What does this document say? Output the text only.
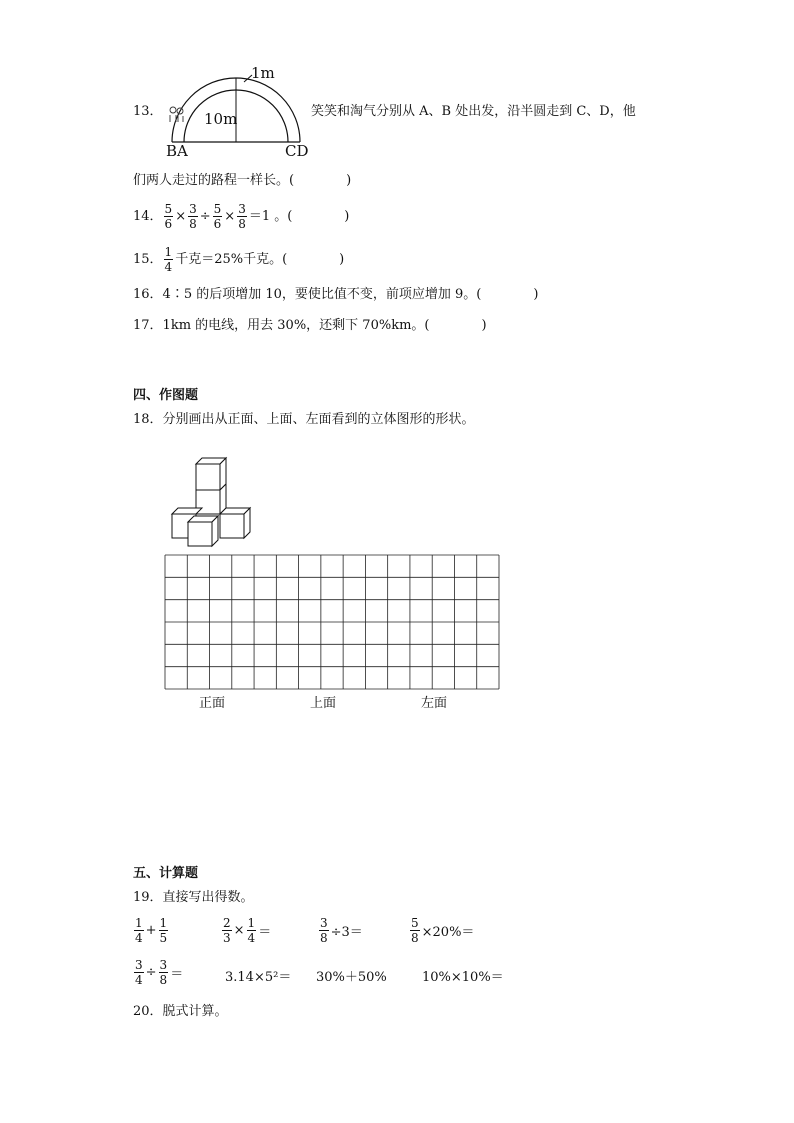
13．
1m
10m
BA	CD
笑笑和淘气分别从 A、B 处出发，沿半圆走到 C、D，他
们两人走过的路程一样长。(　　　　)
14． $\frac{5}{6} \times \frac{3}{8} \div \frac{5}{6} \times \frac{3}{8} =1$ 。(　　　　)
15． $\frac{1}{4}$ 千克＝25%千克。(　　　　)
16．4∶5 的后项增加 10，要使比值不变，前项应增加 9。(　　　　)
17．1km 的电线，用去 30%，还剩下 70%km。(　　　　)
四、作图题
18．分别画出从正面、上面、左面看到的立体图形的形状。
正面	上面	左面
五、计算题
19．直接写出得数。
$\frac{1}{4} + \frac{1}{5}$	$\frac{2}{3} \times \frac{1}{4}$ ＝	$\frac{3}{8} \div 3=$	$\frac{5}{8} \times 20\%=$
$\frac{3}{4} \div \frac{3}{8}$ ＝	3.14×5²＝ 30%＋50%	10%×10%＝
20．脱式计算。
